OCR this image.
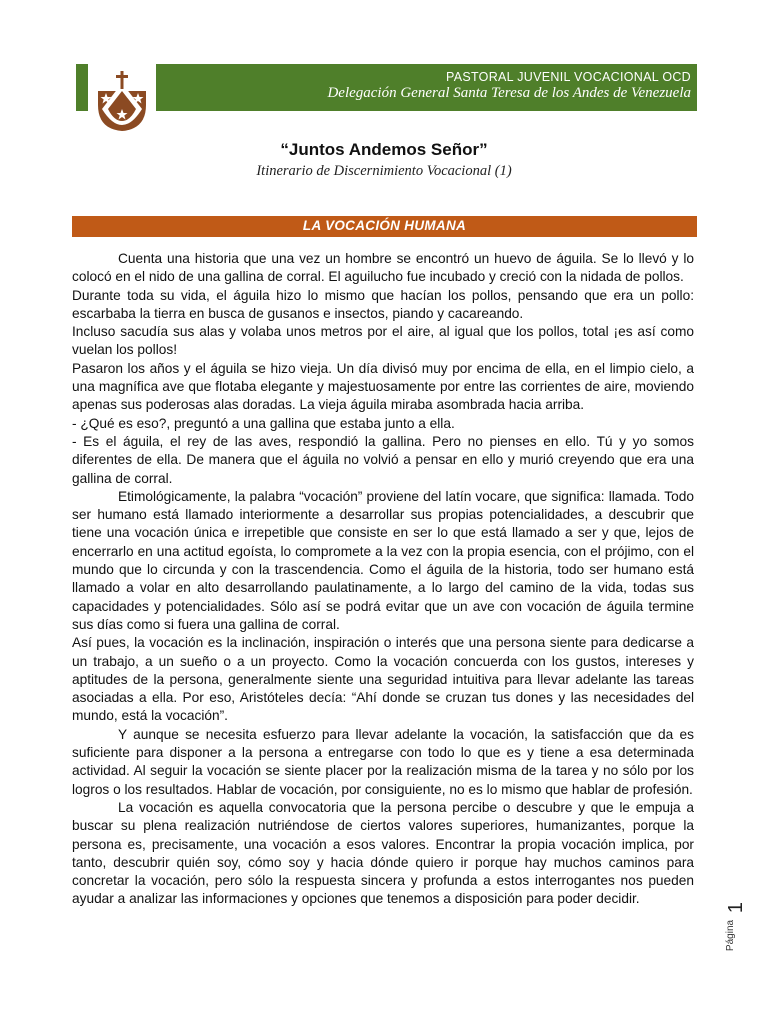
PASTORAL JUVENIL VOCACIONAL OCD
Delegación General Santa Teresa de los Andes de Venezuela
“Juntos Andemos Señor”
Itinerario de Discernimiento Vocacional (1)
LA VOCACIÓN HUMANA

Cuenta una historia que una vez un hombre se encontró un huevo de águila. Se lo llevó y lo colocó en el nido de una gallina de corral. El aguilucho fue incubado y creció con la nidada de pollos.

Durante toda su vida, el águila hizo lo mismo que hacían los pollos, pensando que era un pollo: escarbaba la tierra en busca de gusanos e insectos, piando y cacareando.

Incluso sacudía sus alas y volaba unos metros por el aire, al igual que los pollos, total ¡es así como vuelan los pollos!

Pasaron los años y el águila se hizo vieja. Un día divisó muy por encima de ella, en el limpio cielo, a una magnífica ave que flotaba elegante y majestuosamente por entre las corrientes de aire, moviendo apenas sus poderosas alas doradas. La vieja águila miraba asombrada hacia arriba.

- ¿Qué es eso?, preguntó a una gallina que estaba junto a ella.

- Es el águila, el rey de las aves, respondió la gallina. Pero no pienses en ello. Tú y yo somos diferentes de ella. De manera que el águila no volvió a pensar en ello y murió creyendo que era una gallina de corral.

Etimológicamente, la palabra “vocación” proviene del latín vocare, que significa: llamada. Todo ser humano está llamado interiormente a desarrollar sus propias potencialidades, a descubrir que tiene una vocación única e irrepetible que consiste en ser lo que está llamado a ser y que, lejos de encerrarlo en una actitud egoísta, lo compromete a la vez con la propia esencia, con el prójimo, con el mundo que lo circunda y con la trascendencia. Como el águila de la historia, todo ser humano está llamado a volar en alto desarrollando paulatinamente, a lo largo del camino de la vida, todas sus capacidades y potencialidades. Sólo así se podrá evitar que un ave con vocación de águila termine sus días como si fuera una gallina de corral.

Así pues, la vocación es la inclinación, inspiración o interés que una persona siente para dedicarse a un trabajo, a un sueño o a un proyecto. Como la vocación concuerda con los gustos, intereses y aptitudes de la persona, generalmente siente una seguridad intuitiva para llevar adelante las tareas asociadas a ella. Por eso, Aristóteles decía: “Ahí donde se cruzan tus dones y las necesidades del mundo, está la vocación”.

Y aunque se necesita esfuerzo para llevar adelante la vocación, la satisfacción que da es suficiente para disponer a la persona a entregarse con todo lo que es y tiene a esa determinada actividad. Al seguir la vocación se siente placer por la realización misma de la tarea y no sólo por los logros o los resultados. Hablar de vocación, por consiguiente, no es lo mismo que hablar de profesión.

La vocación es aquella convocatoria que la persona percibe o descubre y que le empuja a buscar su plena realización nutriéndose de ciertos valores superiores, humanizantes, porque la persona es, precisamente, una vocación a esos valores. Encontrar la propia vocación implica, por tanto, descubrir quién soy, cómo soy y hacia dónde quiero ir porque hay muchos caminos para concretar la vocación, pero sólo la respuesta sincera y profunda a estos interrogantes nos pueden ayudar a analizar las informaciones y opciones que tenemos a disposición para poder decidir.

Página
1
